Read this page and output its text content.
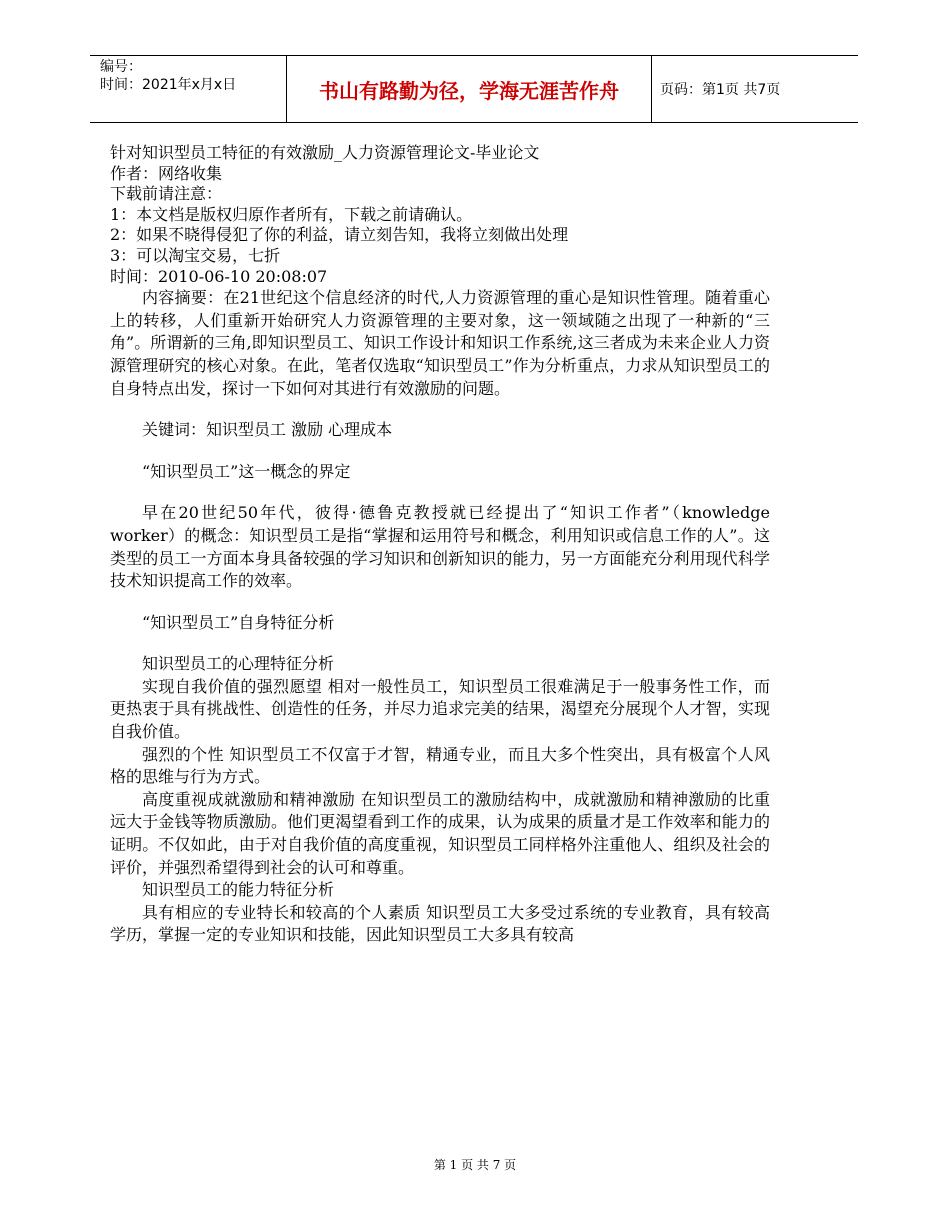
编号：
时间：2021年x月x日	书山有路勤为径，学海无涯苦作舟	页码：第1页 共7页
针对知识型员工特征的有效激励_人力资源管理论文-毕业论文
作者：网络收集
下载前请注意：
1：本文档是版权归原作者所有，下载之前请确认。
2：如果不晓得侵犯了你的利益，请立刻告知，我将立刻做出处理
3：可以淘宝交易，七折
时间：2010-06-10 20:08:07

内容摘要：在21世纪这个信息经济的时代,人力资源管理的重心是知识性管理。随着重心上的转移，人们重新开始研究人力资源管理的主要对象，这一领域随之出现了一种新的“三角”。所谓新的三角,即知识型员工、知识工作设计和知识工作系统,这三者成为未来企业人力资源管理研究的核心对象。在此，笔者仅选取“知识型员工”作为分析重点，力求从知识型员工的自身特点出发，探讨一下如何对其进行有效激励的问题。

关键词：知识型员工 激励 心理成本
“知识型员工”这一概念的界定

早在20世纪50年代，彼得·德鲁克教授就已经提出了“知识工作者”（knowledge worker）的概念：知识型员工是指“掌握和运用符号和概念，利用知识或信息工作的人”。这类型的员工一方面本身具备较强的学习知识和创新知识的能力，另一方面能充分利用现代科学技术知识提高工作的效率。

“知识型员工”自身特征分析
知识型员工的心理特征分析

实现自我价值的强烈愿望 相对一般性员工，知识型员工很难满足于一般事务性工作，而更热衷于具有挑战性、创造性的任务，并尽力追求完美的结果，渴望充分展现个人才智，实现自我价值。

强烈的个性 知识型员工不仅富于才智，精通专业，而且大多个性突出，具有极富个人风格的思维与行为方式。

高度重视成就激励和精神激励 在知识型员工的激励结构中，成就激励和精神激励的比重远大于金钱等物质激励。他们更渴望看到工作的成果，认为成果的质量才是工作效率和能力的证明。不仅如此，由于对自我价值的高度重视，知识型员工同样格外注重他人、组织及社会的评价，并强烈希望得到社会的认可和尊重。

知识型员工的能力特征分析

具有相应的专业特长和较高的个人素质 知识型员工大多受过系统的专业教育，具有较高学历，掌握一定的专业知识和技能，因此知识型员工大多具有较高

第 1 页 共 7 页
